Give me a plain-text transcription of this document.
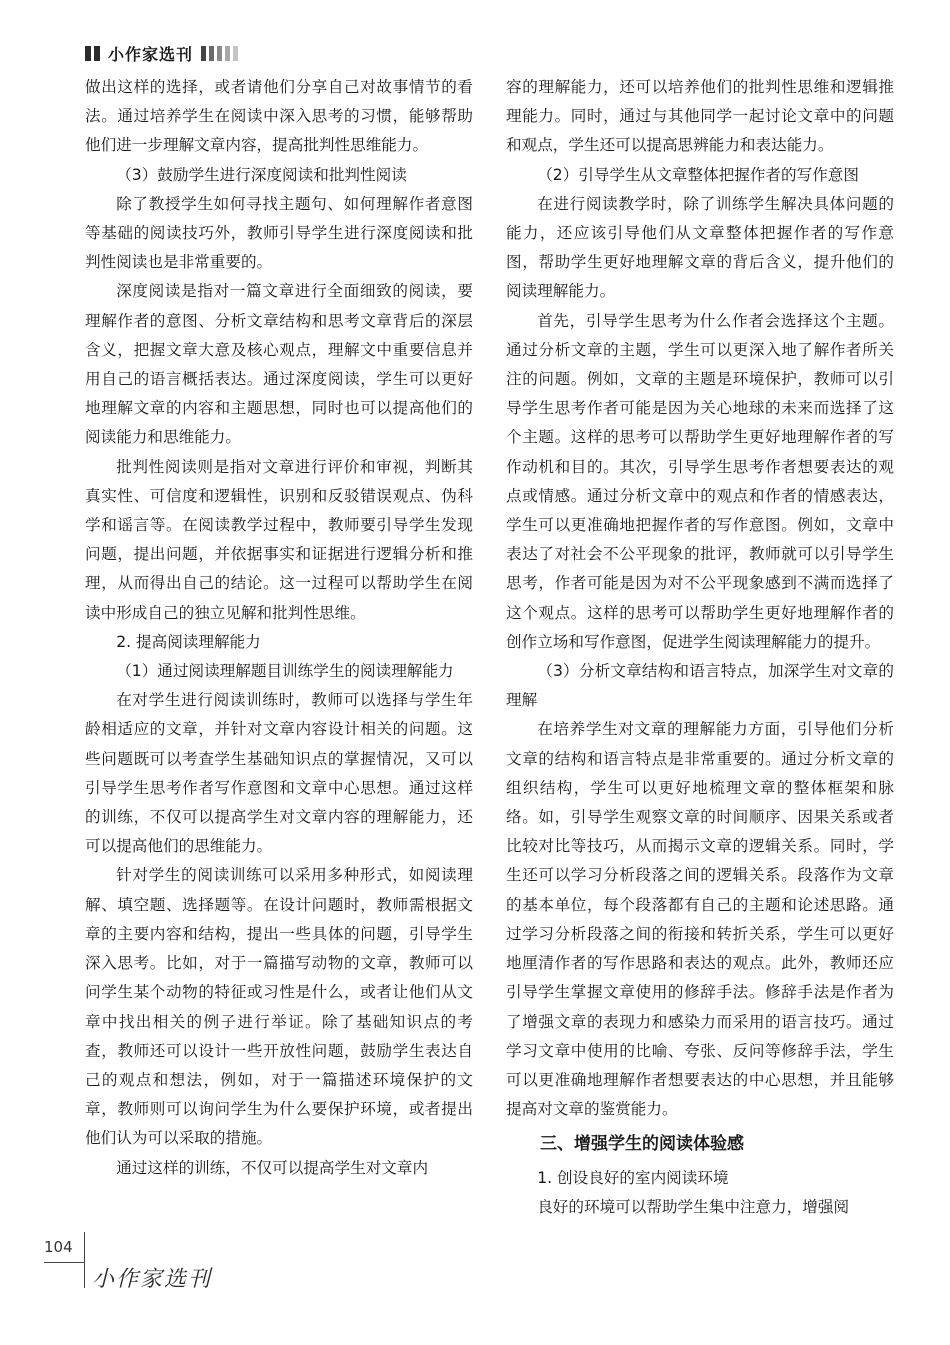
小作家选刊

做出这样的选择，或者请他们分享自己对故事情节的看法。通过培养学生在阅读中深入思考的习惯，能够帮助他们进一步理解文章内容，提高批判性思维能力。

（3）鼓励学生进行深度阅读和批判性阅读

除了教授学生如何寻找主题句、如何理解作者意图等基础的阅读技巧外，教师引导学生进行深度阅读和批判性阅读也是非常重要的。

深度阅读是指对一篇文章进行全面细致的阅读，要理解作者的意图、分析文章结构和思考文章背后的深层含义，把握文章大意及核心观点，理解文中重要信息并用自己的语言概括表达。通过深度阅读，学生可以更好地理解文章的内容和主题思想，同时也可以提高他们的阅读能力和思维能力。

批判性阅读则是指对文章进行评价和审视，判断其真实性、可信度和逻辑性，识别和反驳错误观点、伪科学和谣言等。在阅读教学过程中，教师要引导学生发现问题，提出问题，并依据事实和证据进行逻辑分析和推理，从而得出自己的结论。这一过程可以帮助学生在阅读中形成自己的独立见解和批判性思维。

2. 提高阅读理解能力
（1）通过阅读理解题目训练学生的阅读理解能力

在对学生进行阅读训练时，教师可以选择与学生年龄相适应的文章，并针对文章内容设计相关的问题。这些问题既可以考查学生基础知识点的掌握情况，又可以引导学生思考作者写作意图和文章中心思想。通过这样的训练，不仅可以提高学生对文章内容的理解能力，还可以提高他们的思维能力。

针对学生的阅读训练可以采用多种形式，如阅读理解、填空题、选择题等。在设计问题时，教师需根据文章的主要内容和结构，提出一些具体的问题，引导学生深入思考。比如，对于一篇描写动物的文章，教师可以问学生某个动物的特征或习性是什么，或者让他们从文章中找出相关的例子进行举证。除了基础知识点的考查，教师还可以设计一些开放性问题，鼓励学生表达自己的观点和想法，例如，对于一篇描述环境保护的文章，教师则可以询问学生为什么要保护环境，或者提出他们认为可以采取的措施。

通过这样的训练，不仅可以提高学生对文章内

容的理解能力，还可以培养他们的批判性思维和逻辑推理能力。同时，通过与其他同学一起讨论文章中的问题和观点，学生还可以提高思辨能力和表达能力。

（2）引导学生从文章整体把握作者的写作意图

在进行阅读教学时，除了训练学生解决具体问题的能力，还应该引导他们从文章整体把握作者的写作意图，帮助学生更好地理解文章的背后含义，提升他们的阅读理解能力。

首先，引导学生思考为什么作者会选择这个主题。通过分析文章的主题，学生可以更深入地了解作者所关注的问题。例如，文章的主题是环境保护，教师可以引导学生思考作者可能是因为关心地球的未来而选择了这个主题。这样的思考可以帮助学生更好地理解作者的写作动机和目的。其次，引导学生思考作者想要表达的观点或情感。通过分析文章中的观点和作者的情感表达，学生可以更准确地把握作者的写作意图。例如，文章中表达了对社会不公平现象的批评，教师就可以引导学生思考，作者可能是因为对不公平现象感到不满而选择了这个观点。这样的思考可以帮助学生更好地理解作者的创作立场和写作意图，促进学生阅读理解能力的提升。

（3）分析文章结构和语言特点，加深学生对文章的理解

在培养学生对文章的理解能力方面，引导他们分析文章的结构和语言特点是非常重要的。通过分析文章的组织结构，学生可以更好地梳理文章的整体框架和脉络。如，引导学生观察文章的时间顺序、因果关系或者比较对比等技巧，从而揭示文章的逻辑关系。同时，学生还可以学习分析段落之间的逻辑关系。段落作为文章的基本单位，每个段落都有自己的主题和论述思路。通过学习分析段落之间的衔接和转折关系，学生可以更好地厘清作者的写作思路和表达的观点。此外，教师还应引导学生掌握文章使用的修辞手法。修辞手法是作者为了增强文章的表现力和感染力而采用的语言技巧。通过学习文章中使用的比喻、夸张、反问等修辞手法，学生可以更准确地理解作者想要表达的中心思想，并且能够提高对文章的鉴赏能力。

三、增强学生的阅读体验感
1. 创设良好的室内阅读环境

良好的环境可以帮助学生集中注意力，增强阅

104
小作家选刊
